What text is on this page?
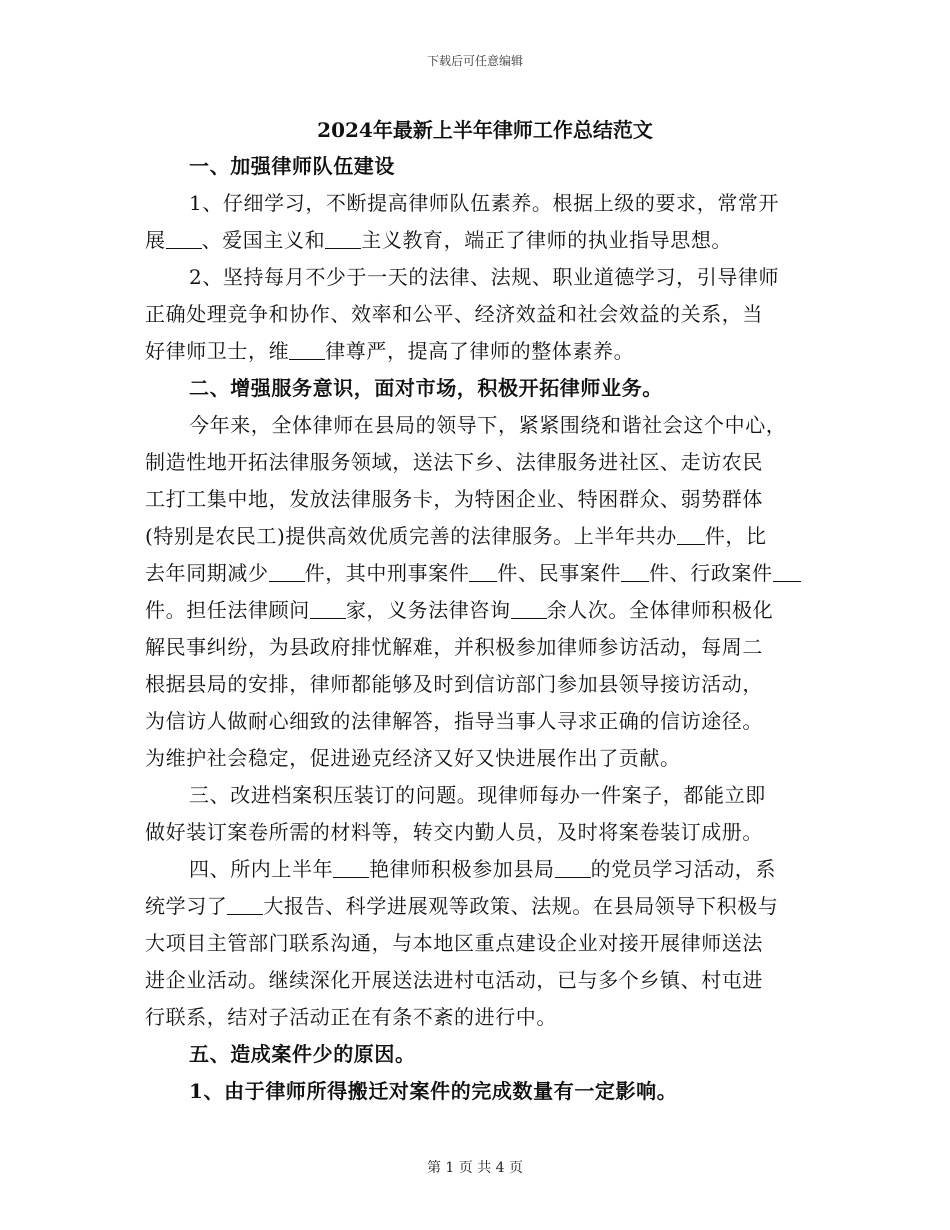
下载后可任意编辑
2024年最新上半年律师工作总结范文
一、加强律师队伍建设
1、仔细学习，不断提高律师队伍素养。根据上级的要求，常常开
展 、爱国主义和 主义教育，端正了律师的执业指导思想。
2、坚持每月不少于一天的法律、法规、职业道德学习，引导律师
正确处理竞争和协作、效率和公平、经济效益和社会效益的关系，当
好律师卫士，维 律尊严，提高了律师的整体素养。
二、增强服务意识，面对市场，积极开拓律师业务。
今年来，全体律师在县局的领导下，紧紧围绕和谐社会这个中心，
制造性地开拓法律服务领域，送法下乡、法律服务进社区、走访农民
工打工集中地，发放法律服务卡，为特困企业、特困群众、弱势群体
(特别是农民工)提供高效优质完善的法律服务。上半年共办 件，比
去年同期减少 件，其中刑事案件 件、民事案件 件、行政案件
件。担任法律顾问 家，义务法律咨询 余人次。全体律师积极化
解民事纠纷，为县政府排忧解难，并积极参加律师参访活动，每周二
根据县局的安排，律师都能够及时到信访部门参加县领导接访活动，
为信访人做耐心细致的法律解答，指导当事人寻求正确的信访途径。
为维护社会稳定，促进逊克经济又好又快进展作出了贡献。
三、改进档案积压装订的问题。现律师每办一件案子，都能立即
做好装订案卷所需的材料等，转交内勤人员，及时将案卷装订成册。
四、所内上半年 艳律师积极参加县局 的党员学习活动，系
统学习了 大报告、科学进展观等政策、法规。在县局领导下积极与
大项目主管部门联系沟通，与本地区重点建设企业对接开展律师送法
进企业活动。继续深化开展送法进村屯活动，已与多个乡镇、村屯进
行联系，结对子活动正在有条不紊的进行中。
五、造成案件少的原因。
1、由于律师所得搬迁对案件的完成数量有一定影响。
第 1 页 共 4 页
